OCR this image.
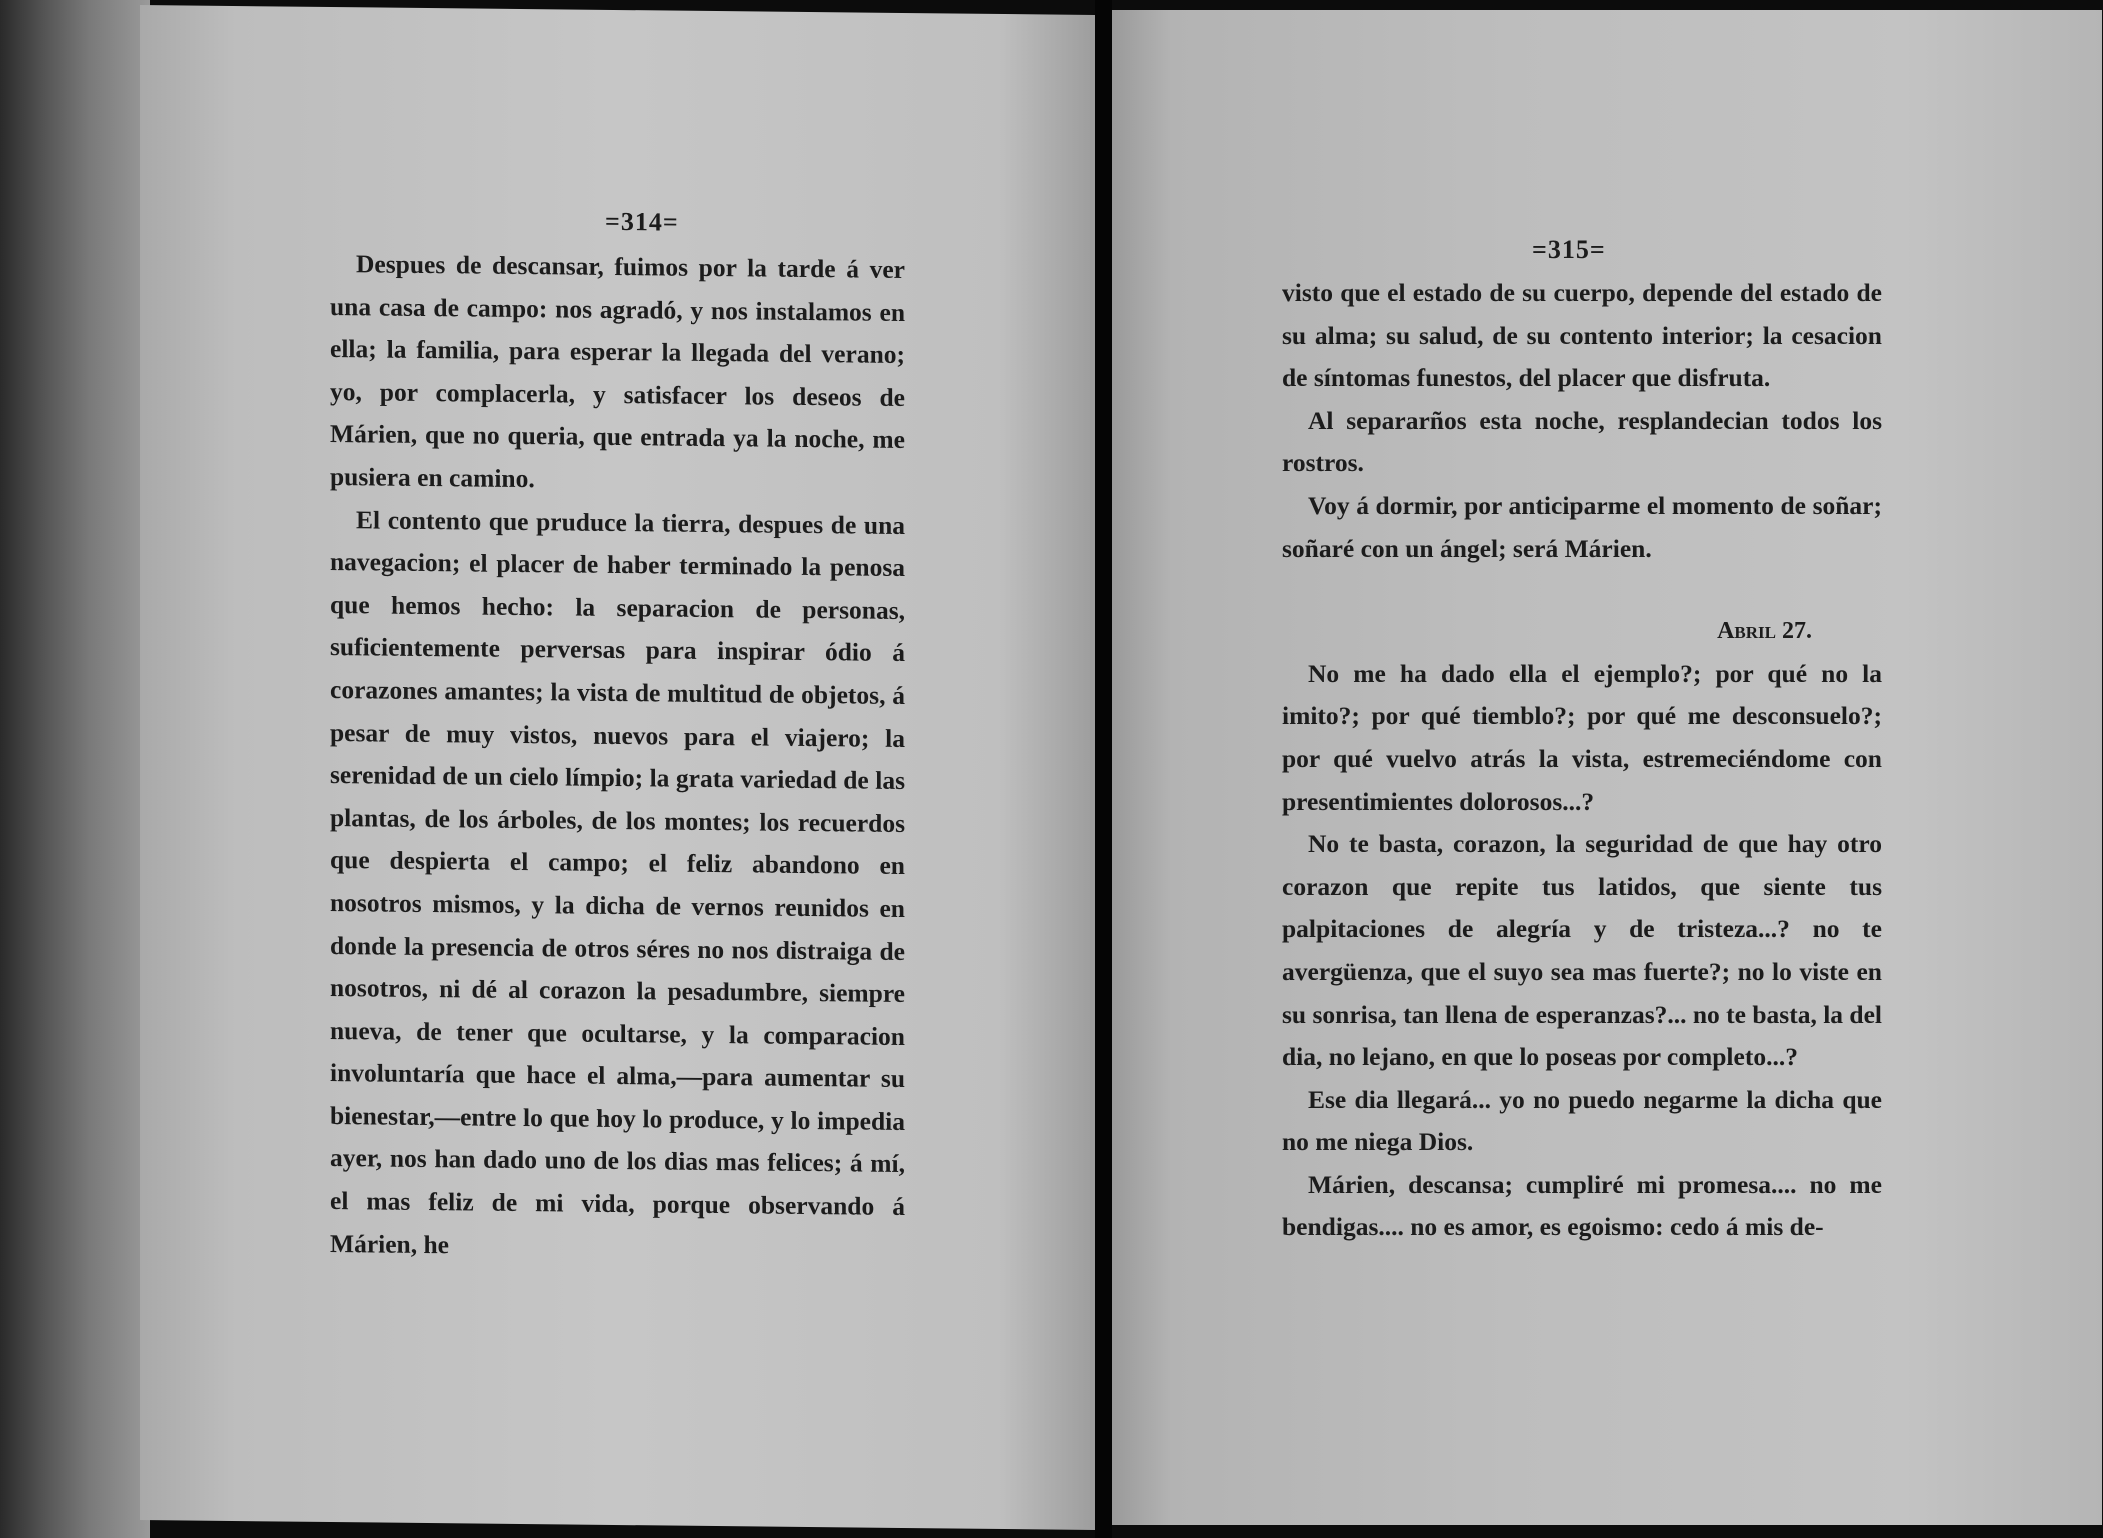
=314=

Despues de descansar, fuimos por la tarde á ver una casa de campo: nos agradó, y nos instalamos en ella; la familia, para esperar la llegada del verano; yo, por complacerla, y satisfacer los deseos de Márien, que no queria, que entrada ya la noche, me pusiera en camino.

El contento que pruduce la tierra, despues de una navegacion; el placer de haber terminado la penosa que hemos hecho: la separacion de personas, suficientemente perversas para inspirar ódio á corazones amantes; la vista de multitud de objetos, á pesar de muy vistos, nuevos para el viajero; la serenidad de un cielo límpio; la grata variedad de las plantas, de los árboles, de los montes; los recuerdos que despierta el campo; el feliz abandono en nosotros mismos, y la dicha de vernos reunidos en donde la presencia de otros séres no nos distraiga de nosotros, ni dé al corazon la pesadumbre, siempre nueva, de tener que ocultarse, y la comparacion involuntaría que hace el alma,—para aumentar su bienestar,—entre lo que hoy lo produce, y lo impedia ayer, nos han dado uno de los dias mas felices; á mí, el mas feliz de mi vida, porque observando á Márien, he

=315=

visto que el estado de su cuerpo, depende del estado de su alma; su salud, de su contento interior; la cesacion de síntomas funestos, del placer que disfruta.

Al separarños esta noche, resplandecian todos los rostros.

Voy á dormir, por anticiparme el momento de soñar; soñaré con un ángel; será Márien.

Abril 27.

No me ha dado ella el ejemplo?; por qué no la imito?; por qué tiemblo?; por qué me desconsuelo?; por qué vuelvo atrás la vista, estremeciéndome con presentimientes dolorosos...?

No te basta, corazon, la seguridad de que hay otro corazon que repite tus latidos, que siente tus palpitaciones de alegría y de tristeza...? no te avergüenza, que el suyo sea mas fuerte?; no lo viste en su sonrisa, tan llena de esperanzas?... no te basta, la del dia, no lejano, en que lo poseas por completo...?

Ese dia llegará... yo no puedo negarme la dicha que no me niega Dios.

Márien, descansa; cumpliré mi promesa.... no me bendigas.... no es amor, es egoismo: cedo á mis de-
